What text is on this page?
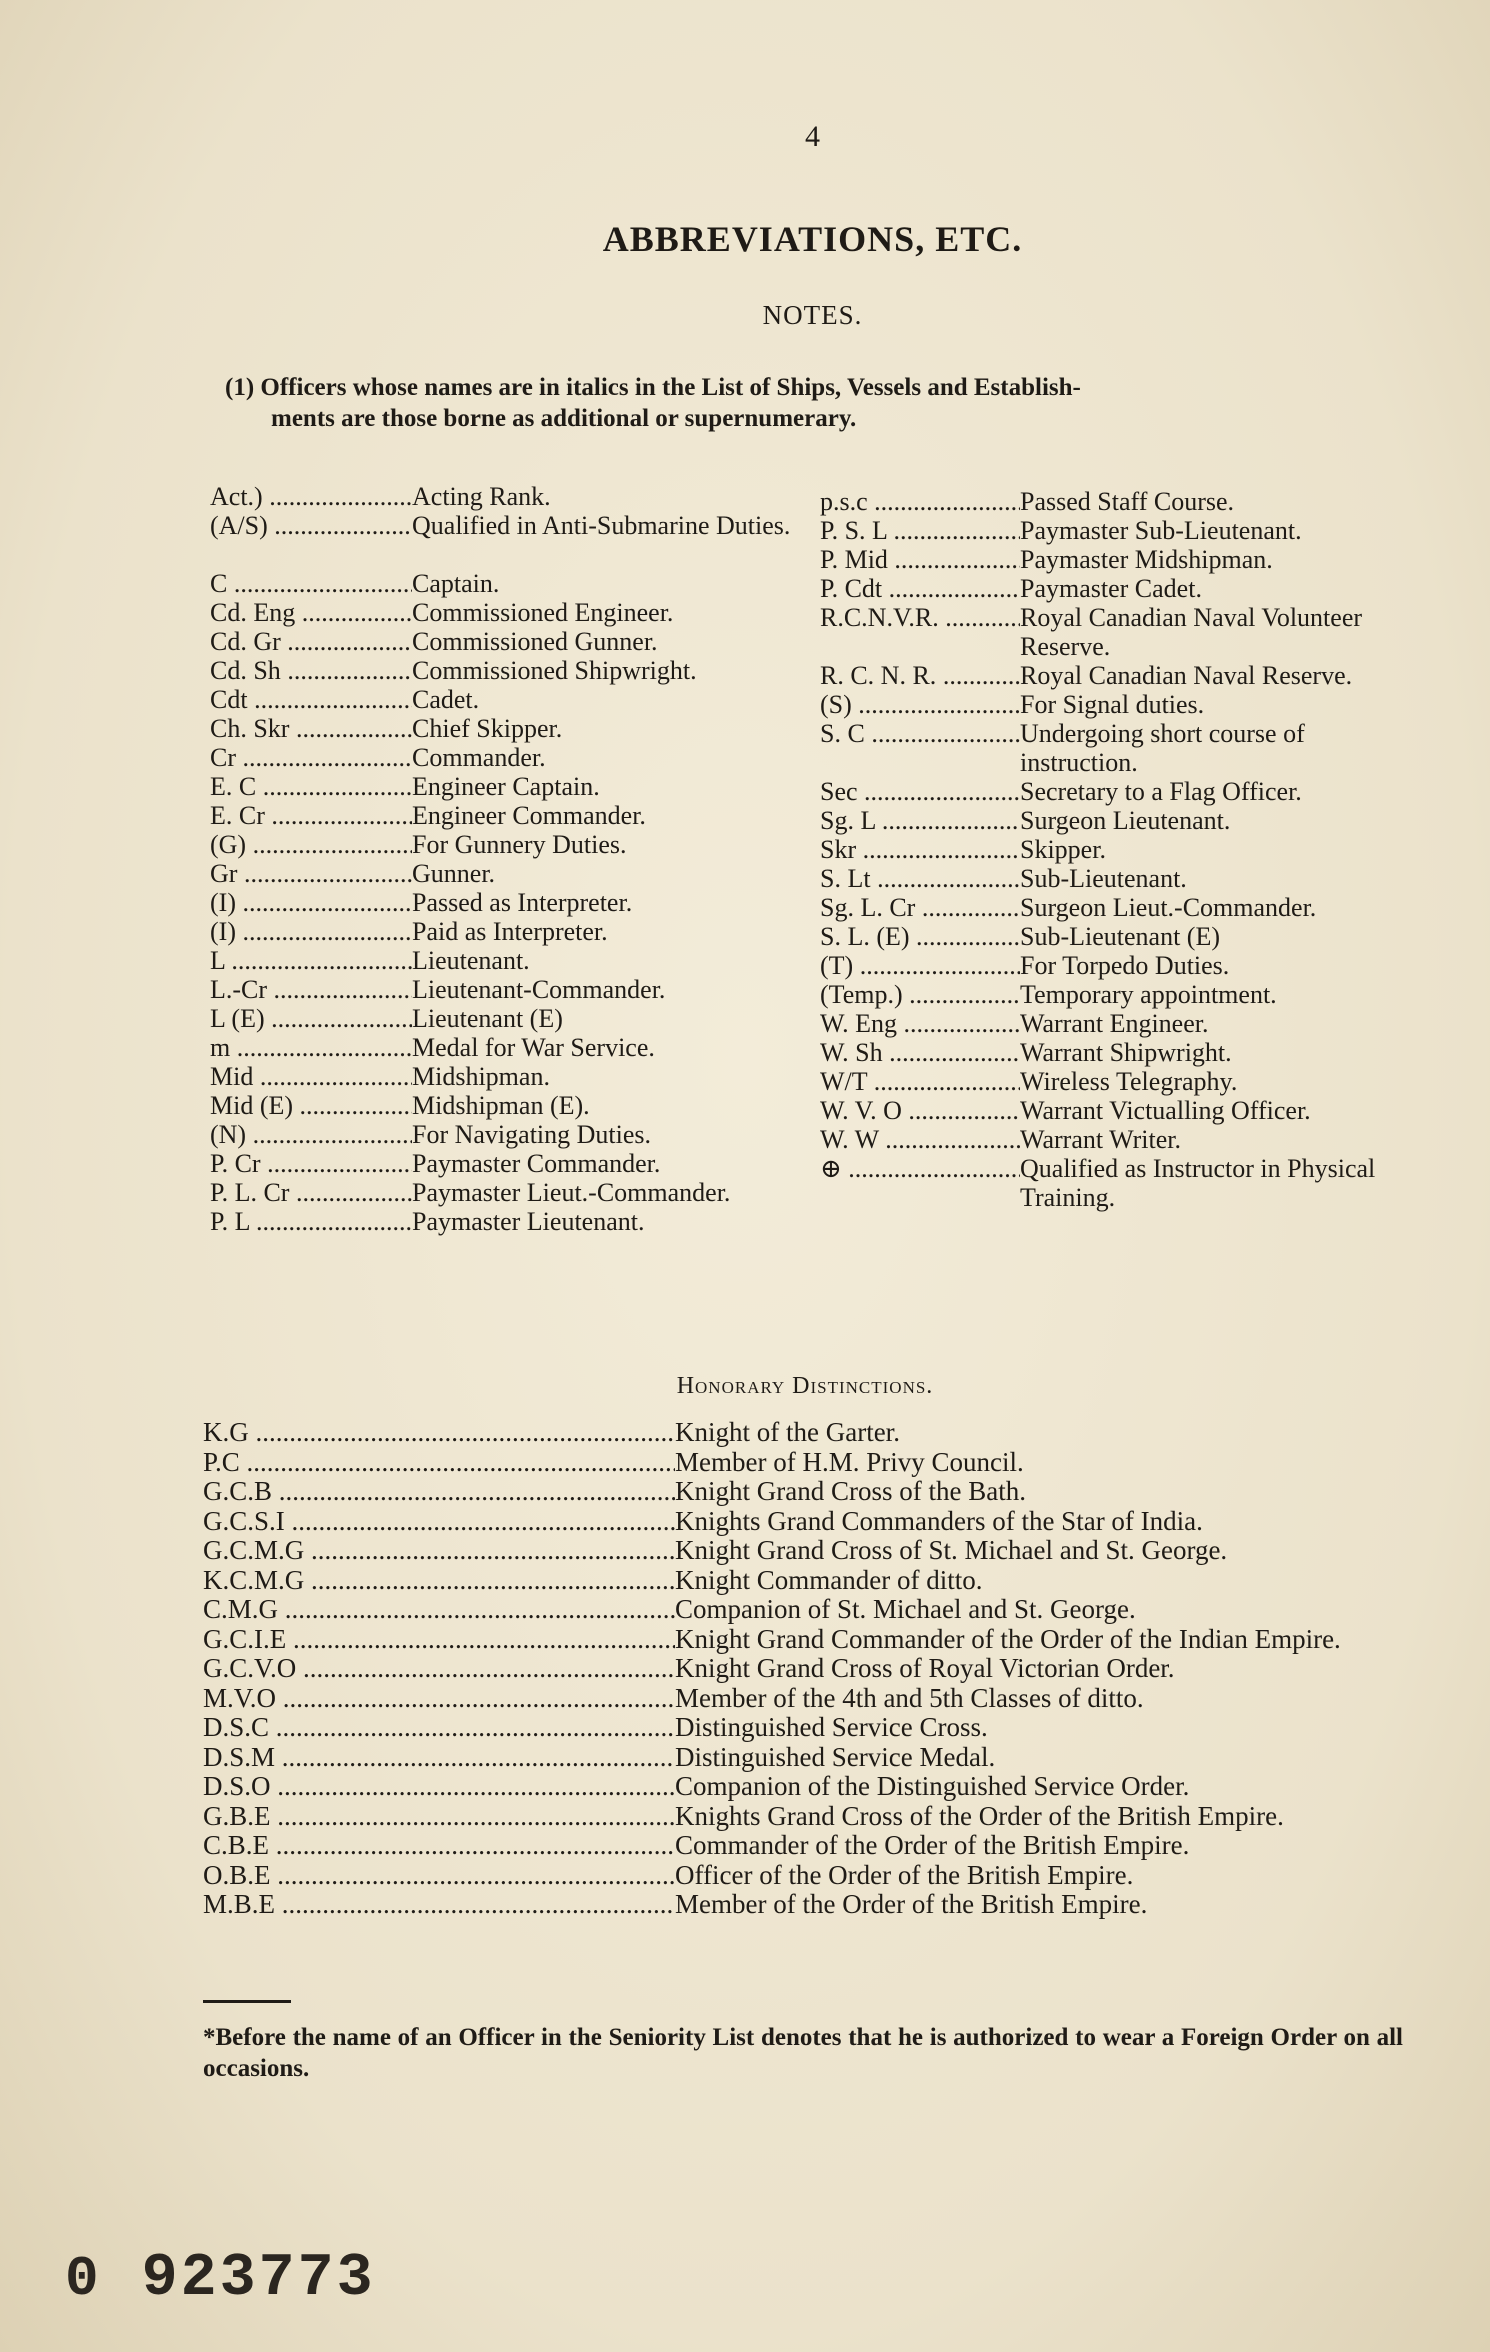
4
ABBREVIATIONS, ETC.
NOTES.
(1) Officers whose names are in italics in the List of Ships, Vessels and Establish-
ments are those borne as additional or supernumerary.
Act.) .....	Acting Rank.
(A/S) .....	Qualified in Anti-Submarine Duties.
C .....	Captain.
Cd. Eng .....	Commissioned Engineer.
Cd. Gr .....	Commissioned Gunner.
Cd. Sh .....	Commissioned Shipwright.
Cdt .....	Cadet.
Ch. Skr .....	Chief Skipper.
Cr .....	Commander.
E. C .....	Engineer Captain.
E. Cr .....	Engineer Commander.
(G) .....	For Gunnery Duties.
Gr .....	Gunner.
(I) .....	Passed as Interpreter.
(I) .....	Paid as Interpreter.
L .....	Lieutenant.
L.-Cr .....	Lieutenant-Commander.
L (E) .....	Lieutenant (E)
m .....	Medal for War Service.
Mid .....	Midshipman.
Mid (E) .....	Midshipman (E).
(N) .....	For Navigating Duties.
P. Cr .....	Paymaster Commander.
P. L. Cr .....	Paymaster Lieut.-Commander.
P. L .....	Paymaster Lieutenant.
p.s.c .....	Passed Staff Course.
P. S. L .....	Paymaster Sub-Lieutenant.
P. Mid .....	Paymaster Midshipman.
P. Cdt .....	Paymaster Cadet.
R.C.N.V.R. .....	Royal Canadian Naval Volunteer Reserve.
R. C. N. R. .....	Royal Canadian Naval Reserve.
(S) .....	For Signal duties.
S. C .....	Undergoing short course of instruction.
Sec .....	Secretary to a Flag Officer.
Sg. L .....	Surgeon Lieutenant.
Skr .....	Skipper.
S. Lt .....	Sub-Lieutenant.
Sg. L. Cr .....	Surgeon Lieut.-Commander.
S. L. (E) .....	Sub-Lieutenant (E)
(T) .....	For Torpedo Duties.
(Temp.) .....	Temporary appointment.
W. Eng .....	Warrant Engineer.
W. Sh .....	Warrant Shipwright.
W/T .....	Wireless Telegraphy.
W. V. O .....	Warrant Victualling Officer.
W. W .....	Warrant Writer.
⊕ .....	Qualified as Instructor in Physical Training.
Honorary Distinctions.
K.G .....	Knight of the Garter.
P.C .....	Member of H.M. Privy Council.
G.C.B .....	Knight Grand Cross of the Bath.
G.C.S.I .....	Knights Grand Commanders of the Star of India.
G.C.M.G .....	Knight Grand Cross of St. Michael and St. George.
K.C.M.G .....	Knight Commander of ditto.
C.M.G .....	Companion of St. Michael and St. George.
G.C.I.E .....	Knight Grand Commander of the Order of the Indian Empire.
G.C.V.O .....	Knight Grand Cross of Royal Victorian Order.
M.V.O .....	Member of the 4th and 5th Classes of ditto.
D.S.C .....	Distinguished Service Cross.
D.S.M .....	Distinguished Service Medal.
D.S.O .....	Companion of the Distinguished Service Order.
G.B.E .....	Knights Grand Cross of the Order of the British Empire.
C.B.E .....	Commander of the Order of the British Empire.
O.B.E .....	Officer of the Order of the British Empire.
M.B.E .....	Member of the Order of the British Empire.
*Before the name of an Officer in the Seniority List denotes that he is authorized to wear a Foreign Order on all occasions.
0 923773
